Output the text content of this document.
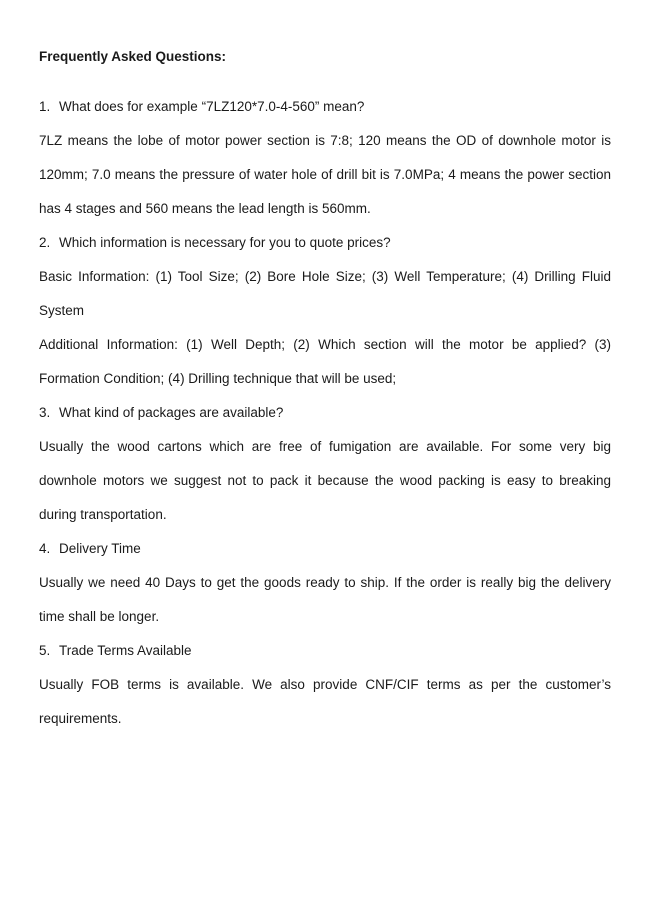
Frequently Asked Questions:

1. What does for example “7LZ120*7.0-4-560” mean?

7LZ means the lobe of motor power section is 7:8; 120 means the OD of downhole motor is 120mm; 7.0 means the pressure of water hole of drill bit is 7.0MPa; 4 means the power section has 4 stages and 560 means the lead length is 560mm.

2. Which information is necessary for you to quote prices?

Basic Information: (1) Tool Size; (2) Bore Hole Size; (3) Well Temperature; (4) Drilling Fluid System

Additional Information: (1) Well Depth; (2) Which section will the motor be applied? (3) Formation Condition; (4) Drilling technique that will be used;

3. What kind of packages are available?

Usually the wood cartons which are free of fumigation are available. For some very big downhole motors we suggest not to pack it because the wood packing is easy to breaking during transportation.

4. Delivery Time

Usually we need 40 Days to get the goods ready to ship. If the order is really big the delivery time shall be longer.

5. Trade Terms Available

Usually FOB terms is available. We also provide CNF/CIF terms as per the customer’s requirements.
